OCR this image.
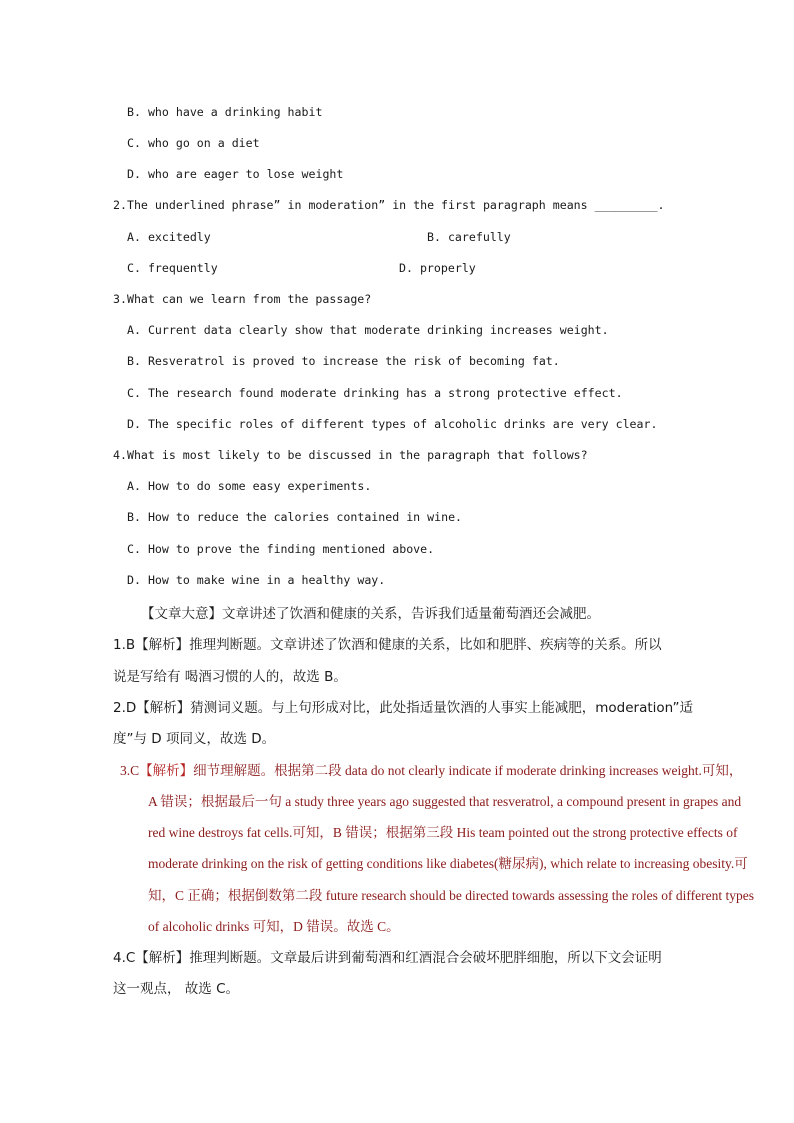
B. who have a drinking habit
C. who go on a diet
D. who are eager to lose weight
2.The underlined phrase” in moderation” in the first paragraph means _________.
A. excitedly	B. carefully
C. frequently	D. properly
3.What can we learn from the passage?
A. Current data clearly show that moderate drinking increases weight.
B. Resveratrol is proved to increase the risk of becoming fat.
C. The research found moderate drinking has a strong protective effect.
D. The specific roles of different types of alcoholic drinks are very clear.
4.What is most likely to be discussed in the paragraph that follows?
A. How to do some easy experiments.
B. How to reduce the calories contained in wine.
C. How to prove the finding mentioned above.
D. How to make wine in a healthy way.
【文章大意】文章讲述了饮酒和健康的关系，告诉我们适量葡萄酒还会减肥。
1.B【解析】推理判断题。文章讲述了饮酒和健康的关系，比如和肥胖、疾病等的关系。所以
说是写给有 喝酒习惯的人的，故选 B。
2.D【解析】猜测词义题。与上句形成对比，此处指适量饮酒的人事实上能减肥，moderation”适
度”与 D 项同义，故选 D。
3.C【解析】细节理解题。根据第二段 data do not clearly indicate if moderate drinking increases weight.可知，
A 错误；根据最后一句 a study three years ago suggested that resveratrol, a compound present in grapes and
red wine destroys fat cells.可知，B 错误；根据第三段 His team pointed out the strong protective effects of
moderate drinking on the risk of getting conditions like diabetes(糖尿病), which relate to increasing obesity.可
知，C 正确；根据倒数第二段 future research should be directed towards assessing the roles of different types
of alcoholic drinks 可知，D 错误。故选 C。
4.C【解析】推理判断题。文章最后讲到葡萄酒和红酒混合会破坏肥胖细胞，所以下文会证明
这一观点， 故选 C。
